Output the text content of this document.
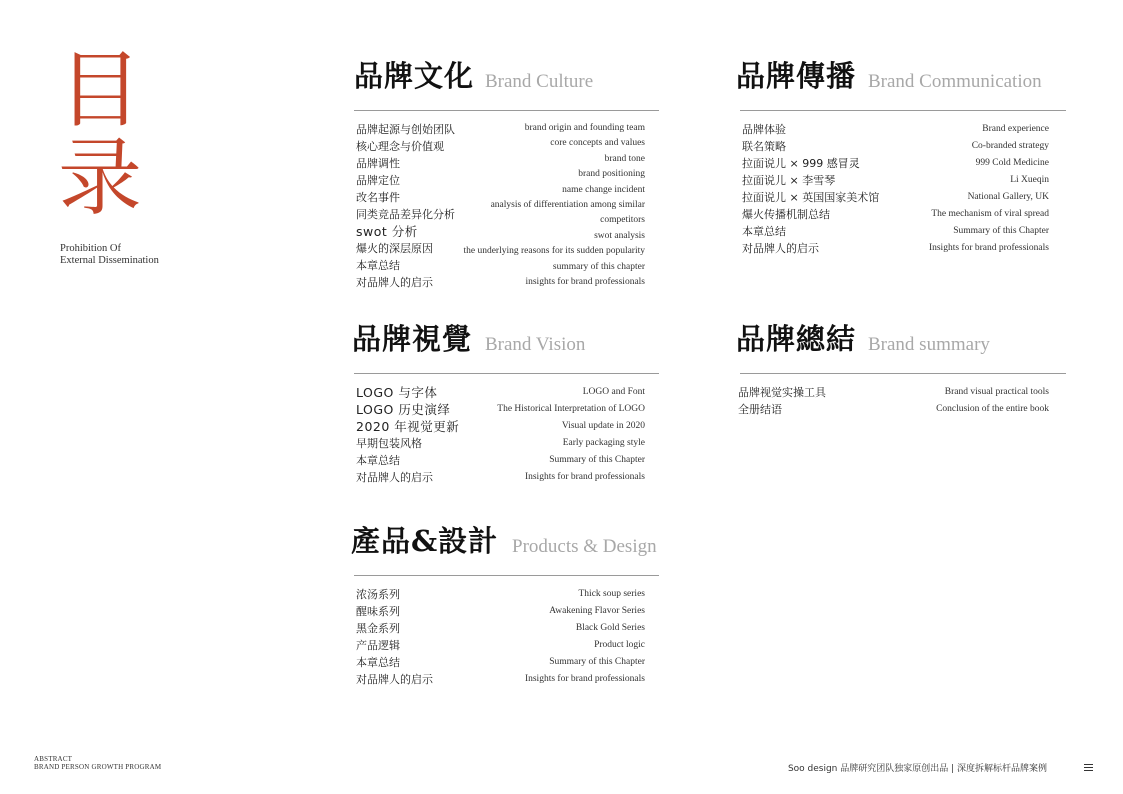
目
录

Prohibition Of
External Dissemination

品牌文化 Brand Culture
品牌起源与创始团队
核心理念与价值观
品牌调性
品牌定位
改名事件
同类竞品差异化分析
swot 分析
爆火的深层原因
本章总结
对品牌人的启示
brand origin and founding team
core concepts and values
brand tone
brand positioning
name change incident
analysis of differentiation among similar
competitors
swot analysis
the underlying reasons for its sudden popularity
summary of this chapter
insights for brand professionals
品牌傳播 Brand Communication
品牌体验
联名策略
拉面说儿 × 999 感冒灵
拉面说儿 × 李雪琴
拉面说儿 × 英国国家美术馆
爆火传播机制总结
本章总结
对品牌人的启示
Brand experience
Co-branded strategy
999 Cold Medicine
Li Xueqin
National Gallery, UK
The mechanism of viral spread
Summary of this Chapter
Insights for brand professionals
品牌視覺 Brand Vision
LOGO 与字体
LOGO 历史演绎
2020 年视觉更新
早期包装风格
本章总结
对品牌人的启示
LOGO and Font
The Historical Interpretation of LOGO
Visual update in 2020
Early packaging style
Summary of this Chapter
Insights for brand professionals
品牌總結 Brand summary
品牌视觉实操工具
全册结语
Brand visual practical tools
Conclusion of the entire book
產品&設計 Products & Design
浓汤系列
醒味系列
黑金系列
产品逻辑
本章总结
对品牌人的启示
Thick soup series
Awakening Flavor Series
Black Gold Series
Product logic
Summary of this Chapter
Insights for brand professionals
ABSTRACT
BRAND PERSON GROWTH PROGRAM	Soo design 品牌研究团队独家原创出品 | 深度拆解标杆品牌案例
